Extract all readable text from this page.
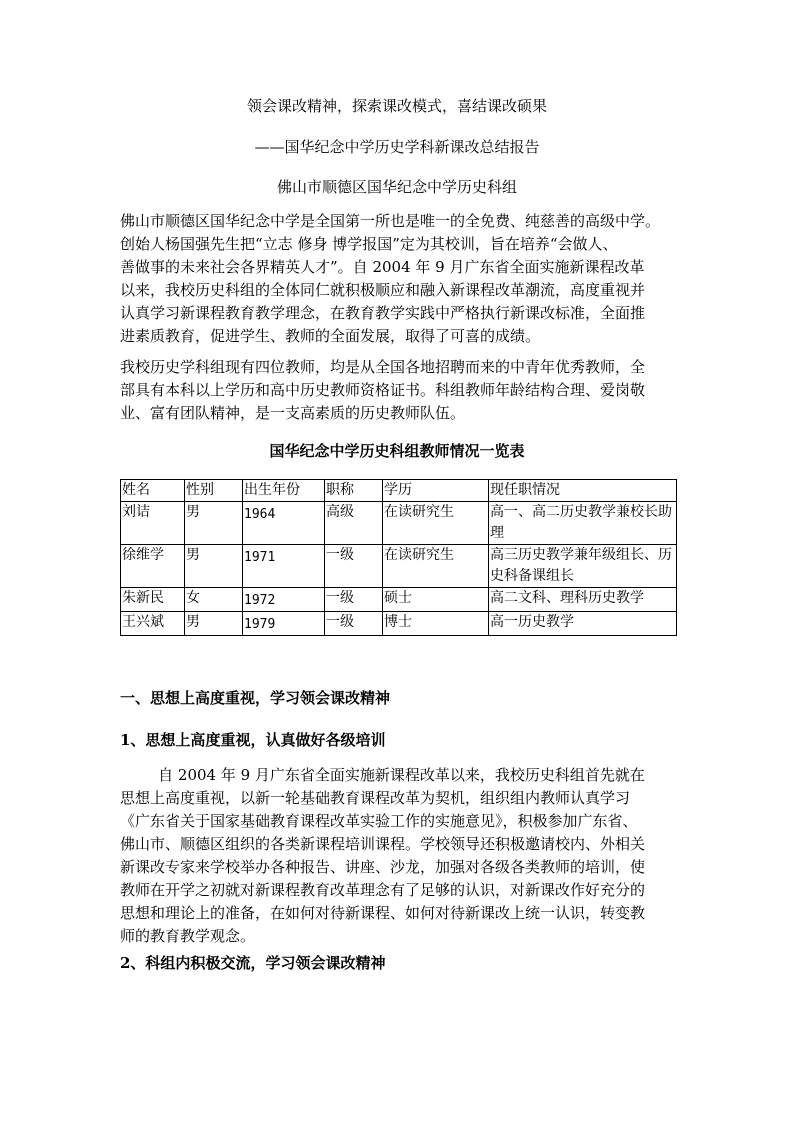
领会课改精神，探索课改模式，喜结课改硕果
——国华纪念中学历史学科新课改总结报告
佛山市顺德区国华纪念中学历史科组
佛山市顺德区国华纪念中学是全国第一所也是唯一的全免费、纯慈善的高级中学。
创始人杨国强先生把“立志 修身 博学报国”定为其校训，旨在培养“会做人、
善做事的未来社会各界精英人才”。自 2004 年 9 月广东省全面实施新课程改革
以来，我校历史科组的全体同仁就积极顺应和融入新课程改革潮流，高度重视并
认真学习新课程教育教学理念，在教育教学实践中严格执行新课改标准，全面推
进素质教育，促进学生、教师的全面发展，取得了可喜的成绩。
我校历史学科组现有四位教师，均是从全国各地招聘而来的中青年优秀教师，全
部具有本科以上学历和高中历史教师资格证书。科组教师年龄结构合理、爱岗敬
业、富有团队精神，是一支高素质的历史教师队伍。
国华纪念中学历史科组教师情况一览表
姓名	性别	出生年份	职称	学历	现任职情况
刘诘	男	1964	高级	在读研究生	高一、高二历史教学兼校长助理
徐维学	男	1971	一级	在读研究生	高三历史教学兼年级组长、历史科备课组长
朱新民	女	1972	一级	硕士	高二文科、理科历史教学
王兴斌	男	1979	一级	博士	高一历史教学
一、思想上高度重视，学习领会课改精神
1、思想上高度重视，认真做好各级培训
自 2004 年 9 月广东省全面实施新课程改革以来，我校历史科组首先就在
思想上高度重视，以新一轮基础教育课程改革为契机，组织组内教师认真学习
《广东省关于国家基础教育课程改革实验工作的实施意见》，积极参加广东省、
佛山市、顺德区组织的各类新课程培训课程。学校领导还积极邀请校内、外相关
新课改专家来学校举办各种报告、讲座、沙龙，加强对各级各类教师的培训，使
教师在开学之初就对新课程教育改革理念有了足够的认识，对新课改作好充分的
思想和理论上的准备，在如何对待新课程、如何对待新课改上统一认识，转变教
师的教育教学观念。
2、科组内积极交流，学习领会课改精神
